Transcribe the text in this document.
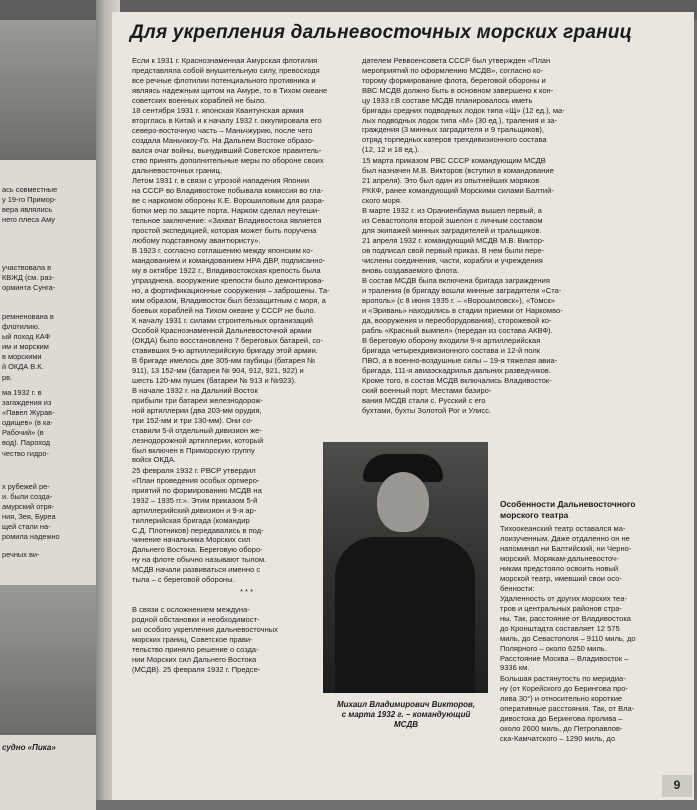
ась совместные
у 19-го Примор-
вера являлись
него плеса Аму
участвовала в
КВЖД (см. раз-
орминта Сунга-
ремненована в
флотилию.
ый поход КАФ
им и морским
в морскими
й ОКДА В.К.
рв.
ма 1932 г. в
загаждения из
«Павел Журав-
одищев» (в ка-
Рабочий» (в
вод). Пароход
чество гидро-
х рубежей ре-
и. были созда-
амурский отря-
ния, Зея, Буреа
щей стали на-
ромила надежно
речных ви-
судно «Пика»
Для укрепления дальневосточных морских границ
Если к 1931 г. Краснознаменная Амурская флотилия
представляла собой внушительную силу, превосходя
все речные флотилии потенциального противника и
являясь надежным щитом на Амуре, то в Тихом океане
советских военных кораблей не было.
18 сентября 1931 г. японская Квантунская армия
вторглась в Китай и к началу 1932 г. оккупировала его
северо-восточную часть – Маньчжурию, после чего
создала Маньчжоу-Го. На Дальнем Востоке образо-
вался очаг войны, вынудивший Советское правитель-
ство принять дополнительные меры по обороне своих
дальневосточных границ.
Летом 1931 г. в связи с угрозой нападения Японии
на СССР во Владивостоке побывала комиссия во гла-
ве с наркомом обороны К.Е. Ворошиловым для разра-
ботки мер по защите порта. Нарком сделал неутеши-
тельное заключение: «Захват Владивостока является
простой экспедицией, которая может быть поручена
любому подставному авантюристу».
В 1923 г. согласно соглашению между японским ко-
мандованием и командованием НРА ДВР, подписанно-
му в октябре 1922 г., Владивостокская крепость была
упразднена. вооружение крепости было демонтирова-
но, а фортификационные сооружения – заброшены. Та-
ким образом, Владивосток был беззащитным с моря, а
боевых кораблей на Тихом океане у СССР не было.
К началу 1931 г. силами строительных организаций
Особой Краснознаменной Дальневосточной армии
(ОКДА) было восстановлено 7 береговых батарей, со-
ставивших 9-ю артиллерийскую бригаду этой армии.
В бригаде имелось две 305-мм гаубицы (батарея №
911), 13 152-мм (батареи № 904, 912, 921, 922) и
шесть 120-мм пушек (батареи № 913 и №923).
В начале 1932 г. на Дальний Восток
прибыли три батареи железнодорож-
ной артиллерии (два 203-мм орудия,
три 152-мм и три 130-мм). Они со-
ставили 5-й отдельный дивизион же-
лезнодорожной артиллерии, который
был включен в Приморскую группу
войск ОКДА.
25 февраля 1932 г. РВСР утвердил
«План проведения особых оргмеро-
приятий по формированию МСДВ на
1932 – 1935 гг.». Этим приказом 5-й
артиллерийский дивизион и 9-я ар-
тиллерийская бригада (командир
С.Д. Плотников) передавались в под-
чинение начальника Морских сил
Дальнего Востока. Береговую оборо-
ну на флоте обычно называют тылом.
МСДВ начали развиваться именно с
тыла – с береговой обороны.
* * *
В связи с осложнением междуна-
родной обстановки и необходимост-
ью особого укрепления дальневосточных
морских границ, Советское прави-
тельство приняло решение о созда-
нии Морских сил Дальнего Востока
(МСДВ). 25 февраля 1932 г. Предсе-
дателем Реввоенсовета СССР был утвержден «План
мероприятий по оформлению МСДВ», согласно ко-
торому формирование флота, береговой обороны и
ВВС МСДВ должно быть в основном завершено к кон-
цу 1933 г.В составе МСДВ планировалось иметь
бригады средних подводных лодок типа «Щ» (12 ед.), ма-
лых подводных лодок типа «М» (30 ед.), траления и за-
граждения (3 минных заградителя и 9 тральщиков),
отряд торпедных катеров трехдивизионного состава
(12, 12 и 18 ед.).
15 марта приказом РВС СССР командующим МСДВ
был назначен М.В. Викторов (вступил в командование
21 апреля). Это был один из опытнейших моряков
РККФ, ранее командующий Морскими силами Балтий-
ского моря.
В марте 1932 г. из Ораниенбаума вышел первый, а
из Севастополя второй эшелон с личным составом
для экипажей минных заградителей и тральщиков.
21 апреля 1932 г. командующий МСДВ М.В. Виктор-
ов подписал свой первый приказ. В нем были пере-
числены соединения, части, корабли и учреждения
вновь создаваемого флота.
В состав МСДВ была включена бригада заграждения
и траления (в бригаду вошли минные заградители «Ста-
врополь» (с 8 июня 1935 г. – «Ворошиловск»), «Томск»
и «Эривань» находились в стадии приемки от Наркомво-
да, вооружения и переоборудования), сторожевой ко-
рабль «Красный вымпел» (передан из состава АКВФ).
В береговую оборону входили 9-я артиллерийская
бригада четырехдивизионного состава и 12-й полк
ПВО, а в военно-воздушные силы – 19-я тяжелая авиа-
бригада, 111-я авиаэскадрилья дальних разведчиков.
Кроме того, в состав МСДВ включались Владивосток-
ский военный порт. Местами базиро-
вания МСДВ стали с. Русский с его
бухтами, бухты Золотой Рог и Улисс.
Михаил Владимирович Викторов,
с марта 1932 г. – командующий
МСДВ
Особенности Дальневосточного
морского театра
Тихоокеанский театр оставался ма-
лоизученным. Даже отдаленно он не
напоминал ни Балтийский, ни Черно-
морский. Морякам-дальневосточ-
никам предстояло освоить новый
морской театр, имевший свои осо-
бенности:
Удаленность от других морских теа-
тров и центральных районов стра-
ны. Так, расстояние от Владивостока
до Кронштадта составляет 12 575
миль, до Севастополя – 9110 миль, до
Полярного – около 6250 миль.
Расстояние Москва – Владивосток –
9336 км.
Большая растянутость по меридиа-
ну (от Корейского до Берингова про-
лива 30°) и относительно короткие
оперативные расстояния. Так, от Вла-
дивостока до Берингова пролива –
около 2600 миль, до Петропавлов-
ска-Камчатского – 1290 миль, до
9
